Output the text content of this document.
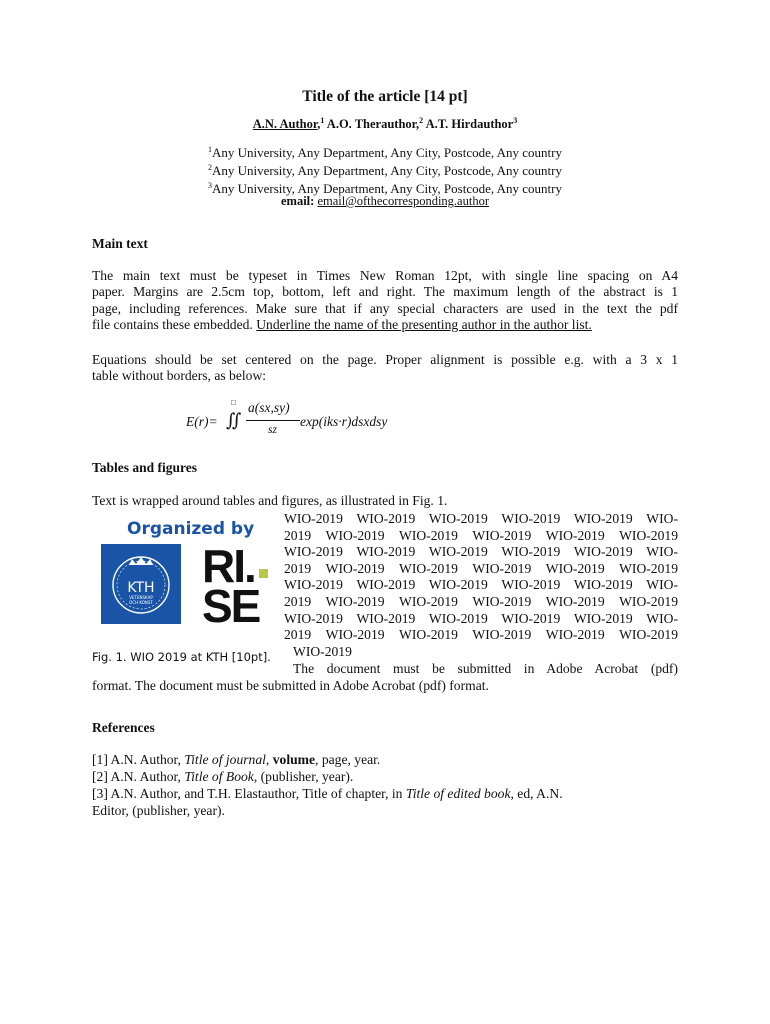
Title of the article [14 pt]
A.N. Author,$^1$ A.O. Therauthor,$^2$ A.T. Hirdauthor$^3$
$^1$Any University, Any Department, Any City, Postcode, Any country
$^2$Any University, Any Department, Any City, Postcode, Any country
$^3$Any University, Any Department, Any City, Postcode, Any country
email: email@ofthecorresponding.author
Main text
The main text must be typeset in Times New Roman 12pt, with single line spacing on A4
paper. Margins are 2.5cm top, bottom, left and right. The maximum length of the abstract is 1
page, including references. Make sure that if any special characters are used in the text the pdf
file contains these embedded. Underline the name of the presenting author in the author list.
Equations should be set centered on the page. Proper alignment is possible e.g. with a 3 x 1
table without borders, as below:
E(r)= ∬
□ a(sx,sy)
sz
exp(iks·r)dsxdsy
Tables and figures
Text is wrapped around tables and figures, as illustrated in Fig. 1.
Organized by
KTH
VETENSKAP
OCH KONST
RI.
SE
Fig. 1. WIO 2019 at KTH [10pt].
WIO-2019 WIO-2019 WIO-2019 WIO-2019 WIO-2019 WIO-
2019 WIO-2019 WIO-2019 WIO-2019 WIO-2019 WIO-2019
WIO-2019 WIO-2019 WIO-2019 WIO-2019 WIO-2019 WIO-
2019 WIO-2019 WIO-2019 WIO-2019 WIO-2019 WIO-2019
WIO-2019 WIO-2019 WIO-2019 WIO-2019 WIO-2019 WIO-
2019 WIO-2019 WIO-2019 WIO-2019 WIO-2019 WIO-2019
WIO-2019 WIO-2019 WIO-2019 WIO-2019 WIO-2019 WIO-
2019 WIO-2019 WIO-2019 WIO-2019 WIO-2019 WIO-2019
WIO-2019
The document must be submitted in Adobe Acrobat (pdf)
format. The document must be submitted in Adobe Acrobat (pdf) format.
References
[1] A.N. Author, Title of journal, volume, page, year.
[2] A.N. Author, Title of Book, (publisher, year).
[3] A.N. Author, and T.H. Elastauthor, Title of chapter, in Title of edited book, ed, A.N.
Editor, (publisher, year).
